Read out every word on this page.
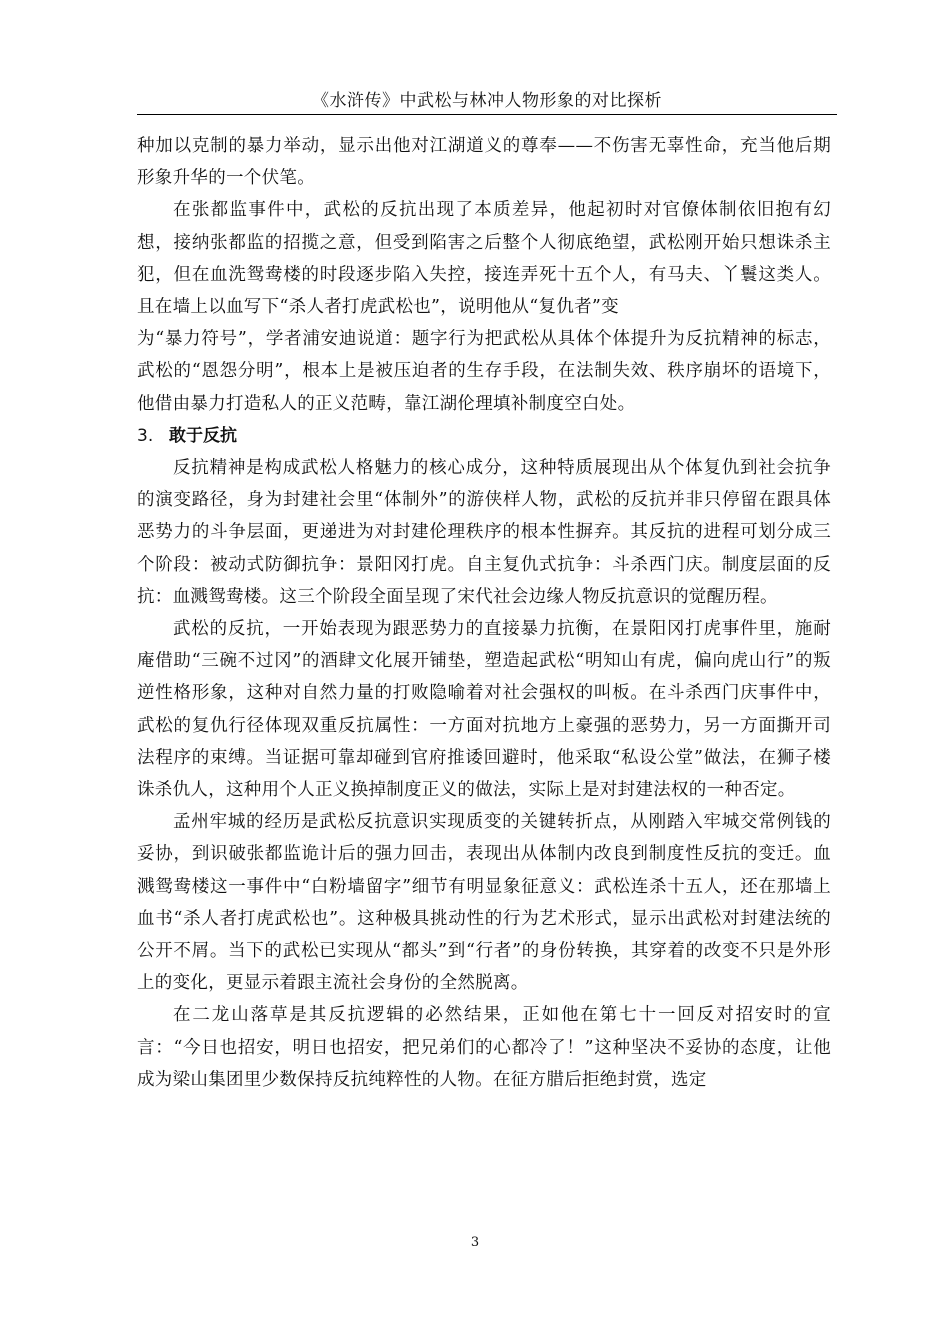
《水浒传》中武松与林冲人物形象的对比探析

种加以克制的暴力举动，显示出他对江湖道义的尊奉——不伤害无辜性命，充当他后期形象升华的一个伏笔。

在张都监事件中，武松的反抗出现了本质差异，他起初时对官僚体制依旧抱有幻想，接纳张都监的招揽之意，但受到陷害之后整个人彻底绝望，武松刚开始只想诛杀主犯，但在血洗鸳鸯楼的时段逐步陷入失控，接连弄死十五个人，有马夫、丫鬟这类人。且在墙上以血写下“杀人者打虎武松也”，说明他从“复仇者”变

为“暴力符号”，学者浦安迪说道：题字行为把武松从具体个体提升为反抗精神的标志，武松的“恩怨分明”，根本上是被压迫者的生存手段，在法制失效、秩序崩坏的语境下，他借由暴力打造私人的正义范畴，靠江湖伦理填补制度空白处。

3. 敢于反抗

反抗精神是构成武松人格魅力的核心成分，这种特质展现出从个体复仇到社会抗争的演变路径，身为封建社会里“体制外”的游侠样人物，武松的反抗并非只停留在跟具体恶势力的斗争层面，更递进为对封建伦理秩序的根本性摒弃。其反抗的进程可划分成三个阶段：被动式防御抗争：景阳冈打虎。自主复仇式抗争：斗杀西门庆。制度层面的反抗：血溅鸳鸯楼。这三个阶段全面呈现了宋代社会边缘人物反抗意识的觉醒历程。

武松的反抗，一开始表现为跟恶势力的直接暴力抗衡，在景阳冈打虎事件里，施耐庵借助“三碗不过冈”的酒肆文化展开铺垫，塑造起武松“明知山有虎，偏向虎山行”的叛逆性格形象，这种对自然力量的打败隐喻着对社会强权的叫板。在斗杀西门庆事件中，武松的复仇行径体现双重反抗属性：一方面对抗地方上豪强的恶势力，另一方面撕开司法程序的束缚。当证据可靠却碰到官府推诿回避时，他采取“私设公堂”做法，在狮子楼诛杀仇人，这种用个人正义换掉制度正义的做法，实际上是对封建法权的一种否定。

孟州牢城的经历是武松反抗意识实现质变的关键转折点，从刚踏入牢城交常例钱的妥协，到识破张都监诡计后的强力回击，表现出从体制内改良到制度性反抗的变迁。血溅鸳鸯楼这一事件中“白粉墙留字”细节有明显象征意义：武松连杀十五人，还在那墙上血书“杀人者打虎武松也”。这种极具挑动性的行为艺术形式，显示出武松对封建法统的公开不屑。当下的武松已实现从“都头”到“行者”的身份转换，其穿着的改变不只是外形上的变化，更显示着跟主流社会身份的全然脱离。

在二龙山落草是其反抗逻辑的必然结果，正如他在第七十一回反对招安时的宣言：“今日也招安，明日也招安，把兄弟们的心都冷了！”这种坚决不妥协的态度，让他成为梁山集团里少数保持反抗纯粹性的人物。在征方腊后拒绝封赏，选定

3
